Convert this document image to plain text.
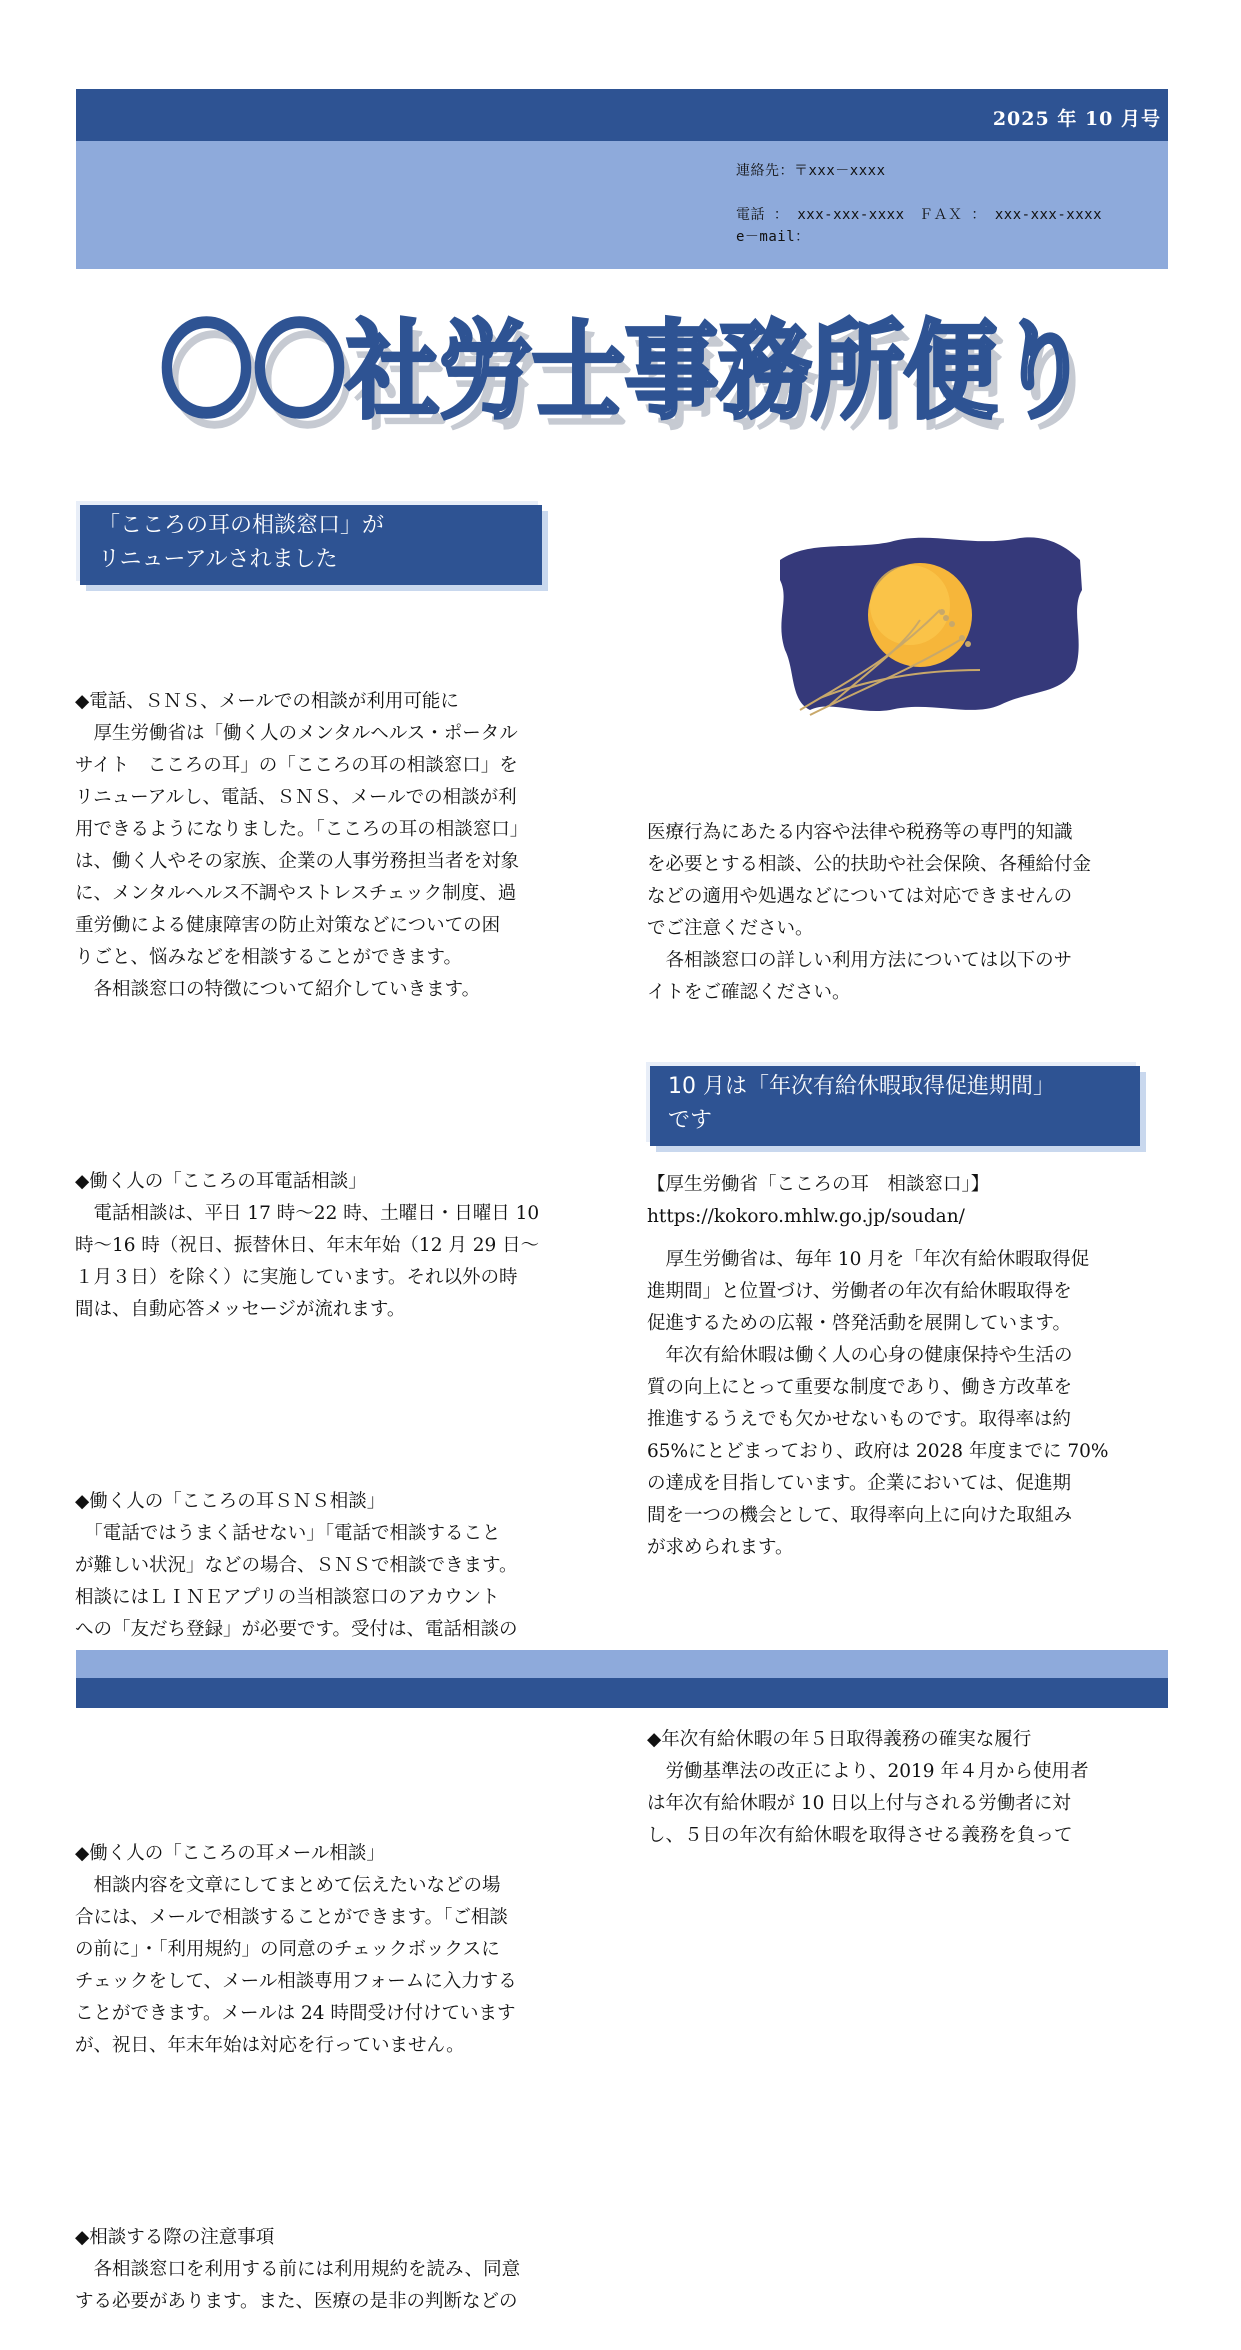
2025 年 10 月号
連絡先：〒xxx－xxxx
電話 ： xxx-xxx-xxxx　ＦＡＸ ： xxx-xxx-xxxx
e－mail：
〇〇社労士事務所便り
〇〇社労士事務所便り
「こころの耳の相談窓口」が
リニューアルされました

◆電話、ＳＮＳ、メールでの相談が利用可能に
　厚生労働省は「働く人のメンタルヘルス・ポータル
サイト　こころの耳」の「こころの耳の相談窓口」を
リニューアルし、電話、ＳＮＳ、メールでの相談が利
用できるようになりました。「こころの耳の相談窓口」
は、働く人やその家族、企業の人事労務担当者を対象
に、メンタルヘルス不調やストレスチェック制度、過
重労働による健康障害の防止対策などについての困
りごと、悩みなどを相談することができます。
　各相談窓口の特徴について紹介していきます。

◆働く人の「こころの耳電話相談」
　電話相談は、平日 17 時～22 時、土曜日・日曜日 10
時～16 時（祝日、振替休日、年末年始（12 月 29 日～
１月３日）を除く）に実施しています。それ以外の時
間は、自動応答メッセージが流れます。

◆働く人の「こころの耳ＳＮＳ相談」
　「電話ではうまく話せない」「電話で相談すること
が難しい状況」などの場合、ＳＮＳで相談できます。
相談にはＬＩＮＥアプリの当相談窓口のアカウント
への「友だち登録」が必要です。受付は、電話相談の

◆働く人の「こころの耳メール相談」
　相談内容を文章にしてまとめて伝えたいなどの場
合には、メールで相談することができます。「ご相談
の前に」・「利用規約」の同意のチェックボックスに
チェックをして、メール相談専用フォームに入力する
ことができます。メールは 24 時間受け付けています
が、祝日、年末年始は対応を行っていません。

◆相談する際の注意事項
　各相談窓口を利用する前には利用規約を読み、同意
する必要があります。また、医療の是非の判断などの

医療行為にあたる内容や法律や税務等の専門的知識
を必要とする相談、公的扶助や社会保険、各種給付金
などの適用や処遇などについては対応できませんの
でご注意ください。
　各相談窓口の詳しい利用方法については以下のサ
イトをご確認ください。

【厚生労働省「こころの耳　相談窓口」】
https://kokoro.mhlw.go.jp/soudan/

10 月は「年次有給休暇取得促進期間」
です

　厚生労働省は、毎年 10 月を「年次有給休暇取得促
進期間」と位置づけ、労働者の年次有給休暇取得を
促進するための広報・啓発活動を展開しています。
　年次有給休暇は働く人の心身の健康保持や生活の
質の向上にとって重要な制度であり、働き方改革を
推進するうえでも欠かせないものです。取得率は約
65%にとどまっており、政府は 2028 年度までに 70%
の達成を目指しています。企業においては、促進期
間を一つの機会として、取得率向上に向けた取組み
が求められます。

◆年次有給休暇の年５日取得義務の確実な履行
　労働基準法の改正により、2019 年４月から使用者
は年次有給休暇が 10 日以上付与される労働者に対
し、５日の年次有給休暇を取得させる義務を負って
